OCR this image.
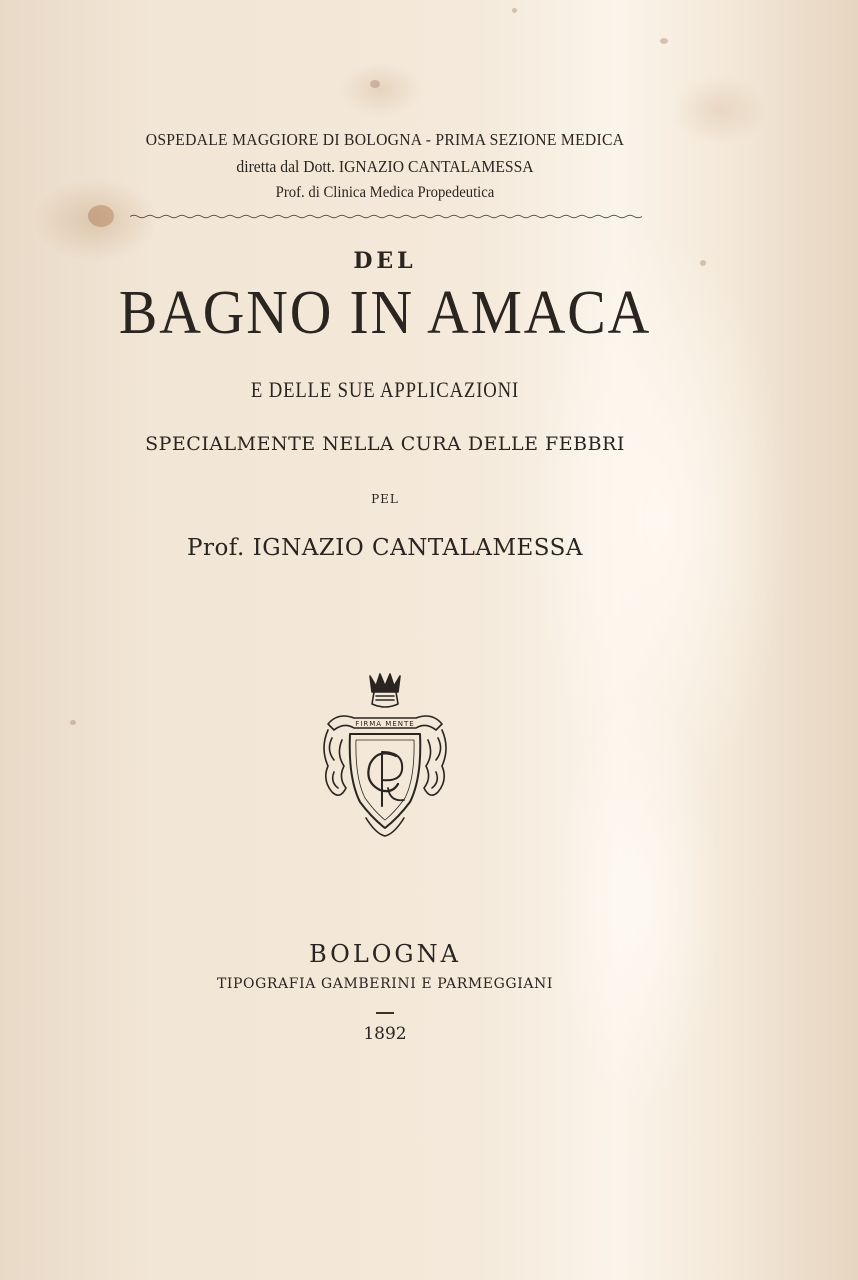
OSPEDALE MAGGIORE DI BOLOGNA - PRIMA SEZIONE MEDICA
diretta dal Dott. IGNAZIO CANTALAMESSA
Prof. di Clinica Medica Propedeutica
DEL
BAGNO IN AMACA
E DELLE SUE APPLICAZIONI
SPECIALMENTE NELLA CURA DELLE FEBBRI
PEL
Prof. IGNAZIO CANTALAMESSA
FIRMA MENTE
BOLOGNA
TIPOGRAFIA GAMBERINI E PARMEGGIANI
1892
